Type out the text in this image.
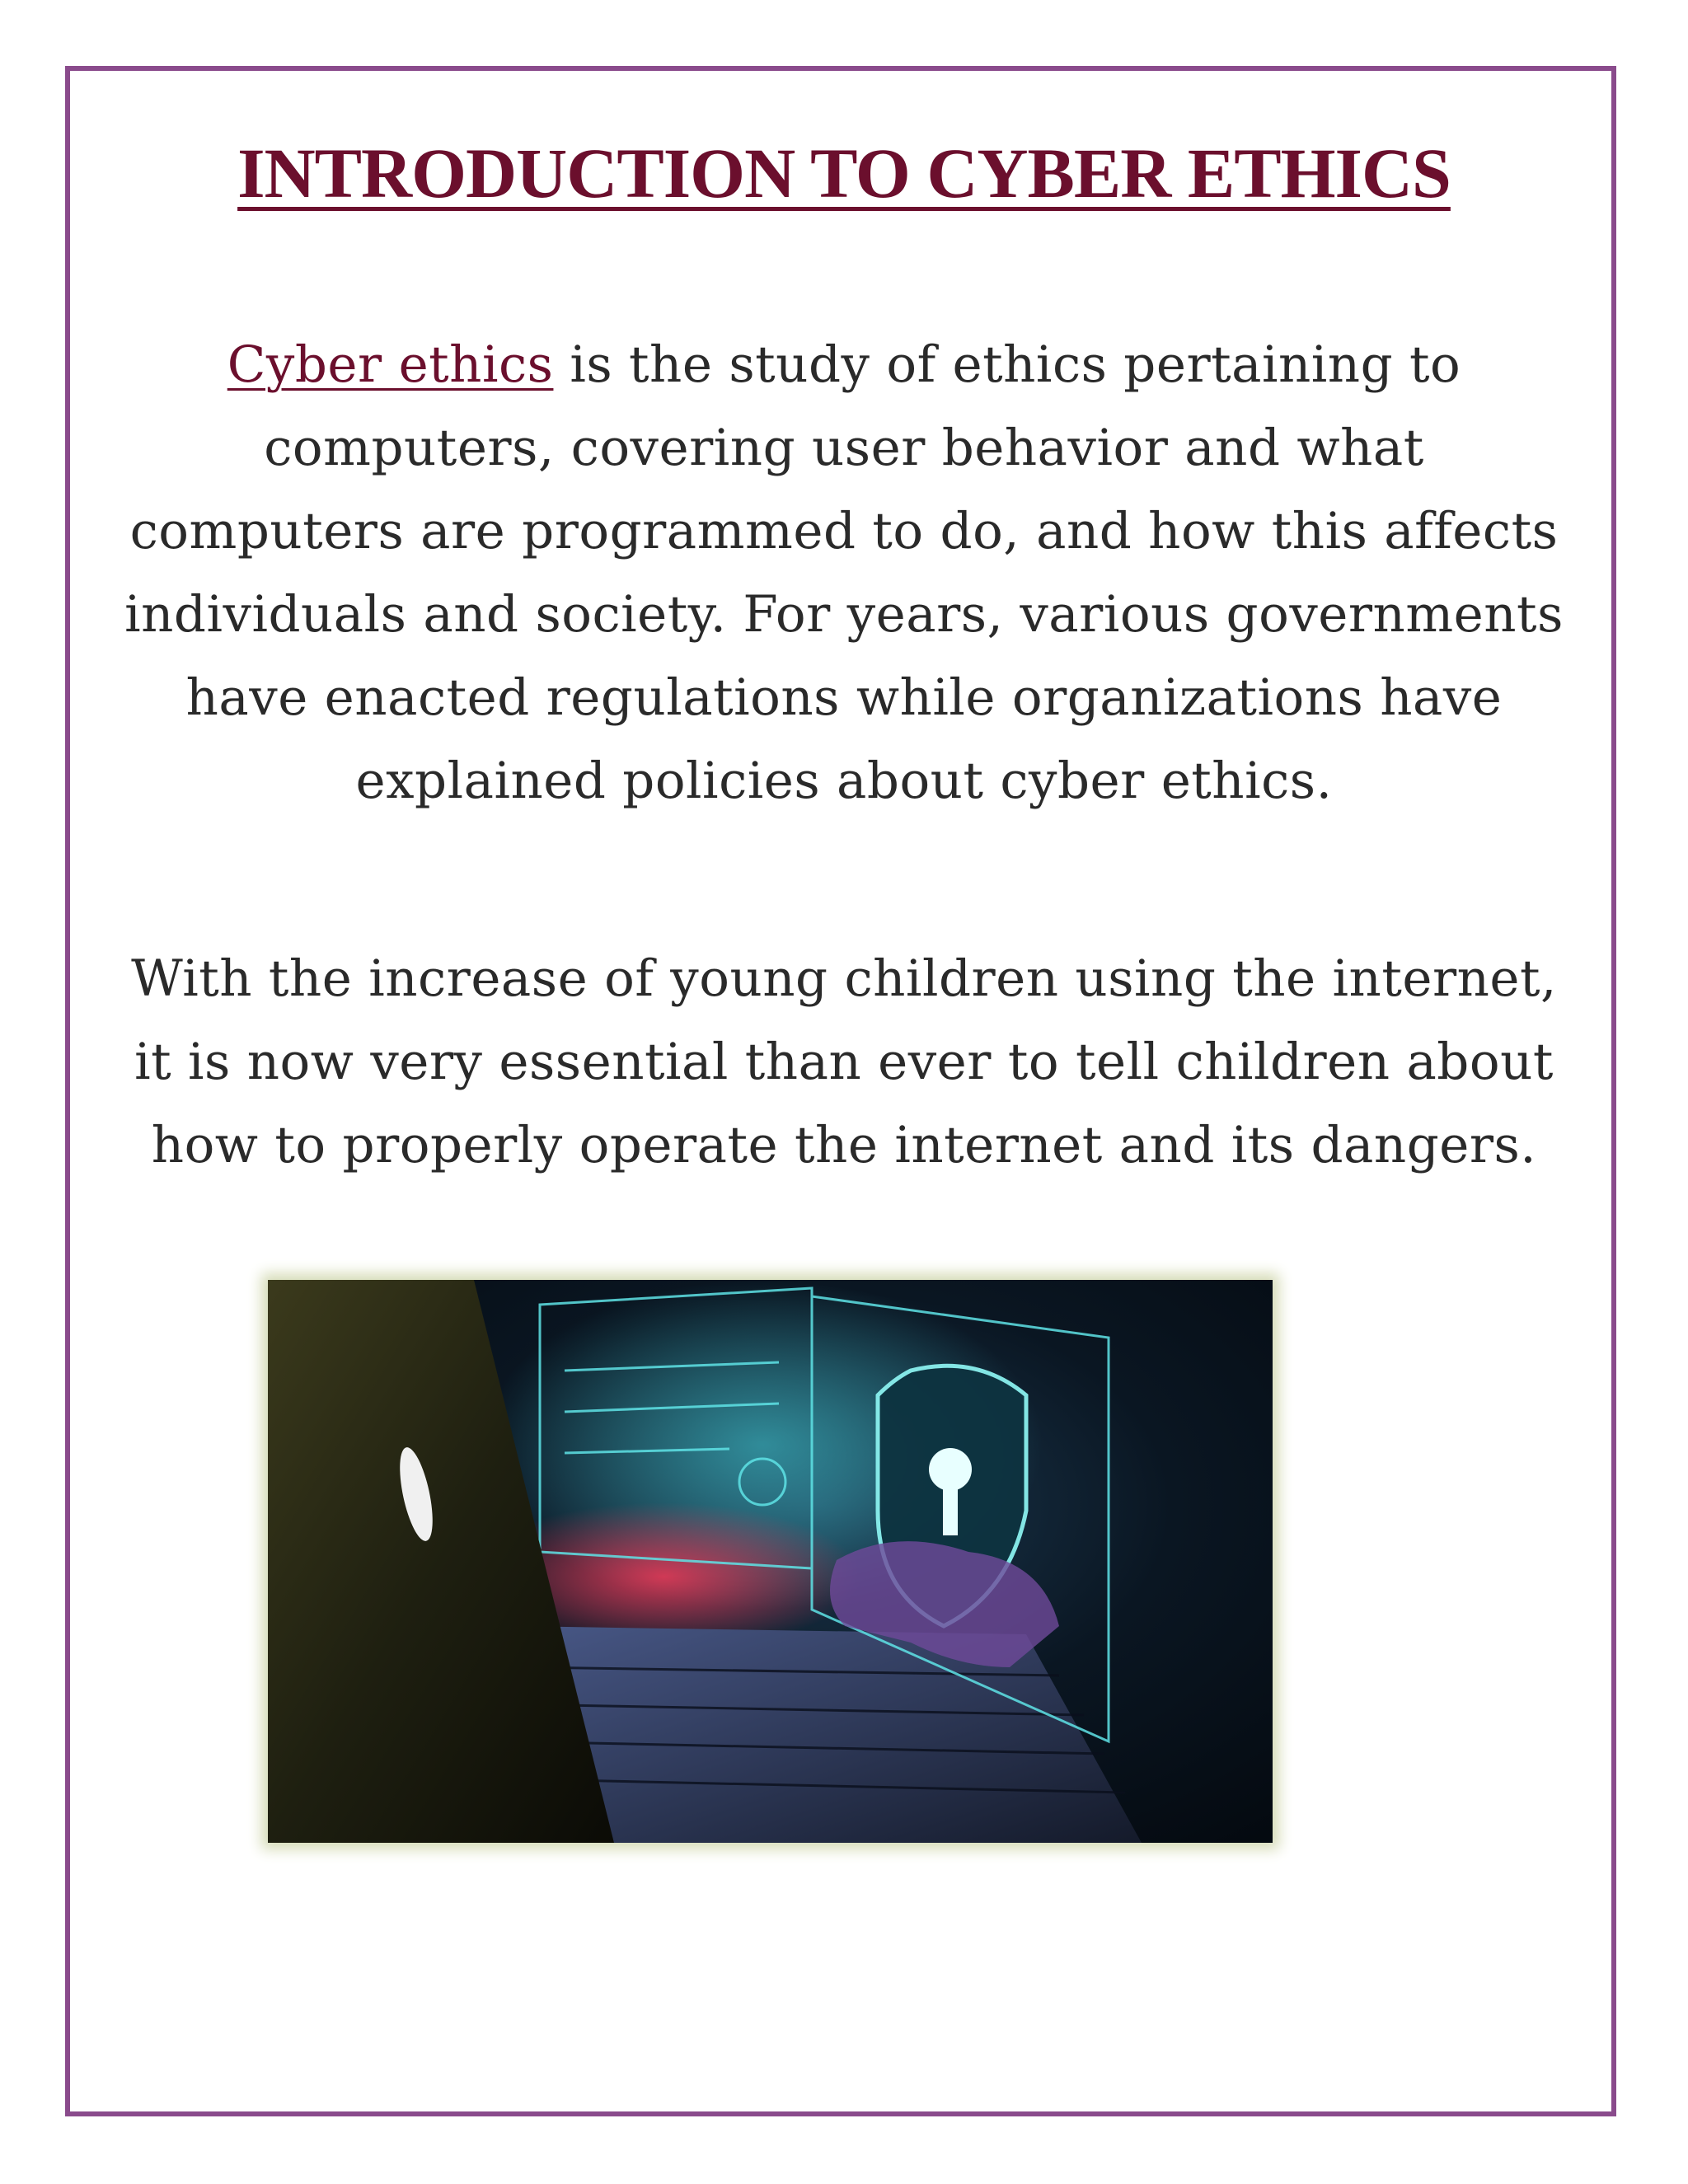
INTRODUCTION TO CYBER ETHICS

Cyber ethics is the study of ethics pertaining to computers, covering user behavior and what computers are programmed to do, and how this affects individuals and society. For years, various governments have enacted regulations while organizations have explained policies about cyber ethics.

With the increase of young children using the internet, it is now very essential than ever to tell children about how to properly operate the internet and its dangers.
